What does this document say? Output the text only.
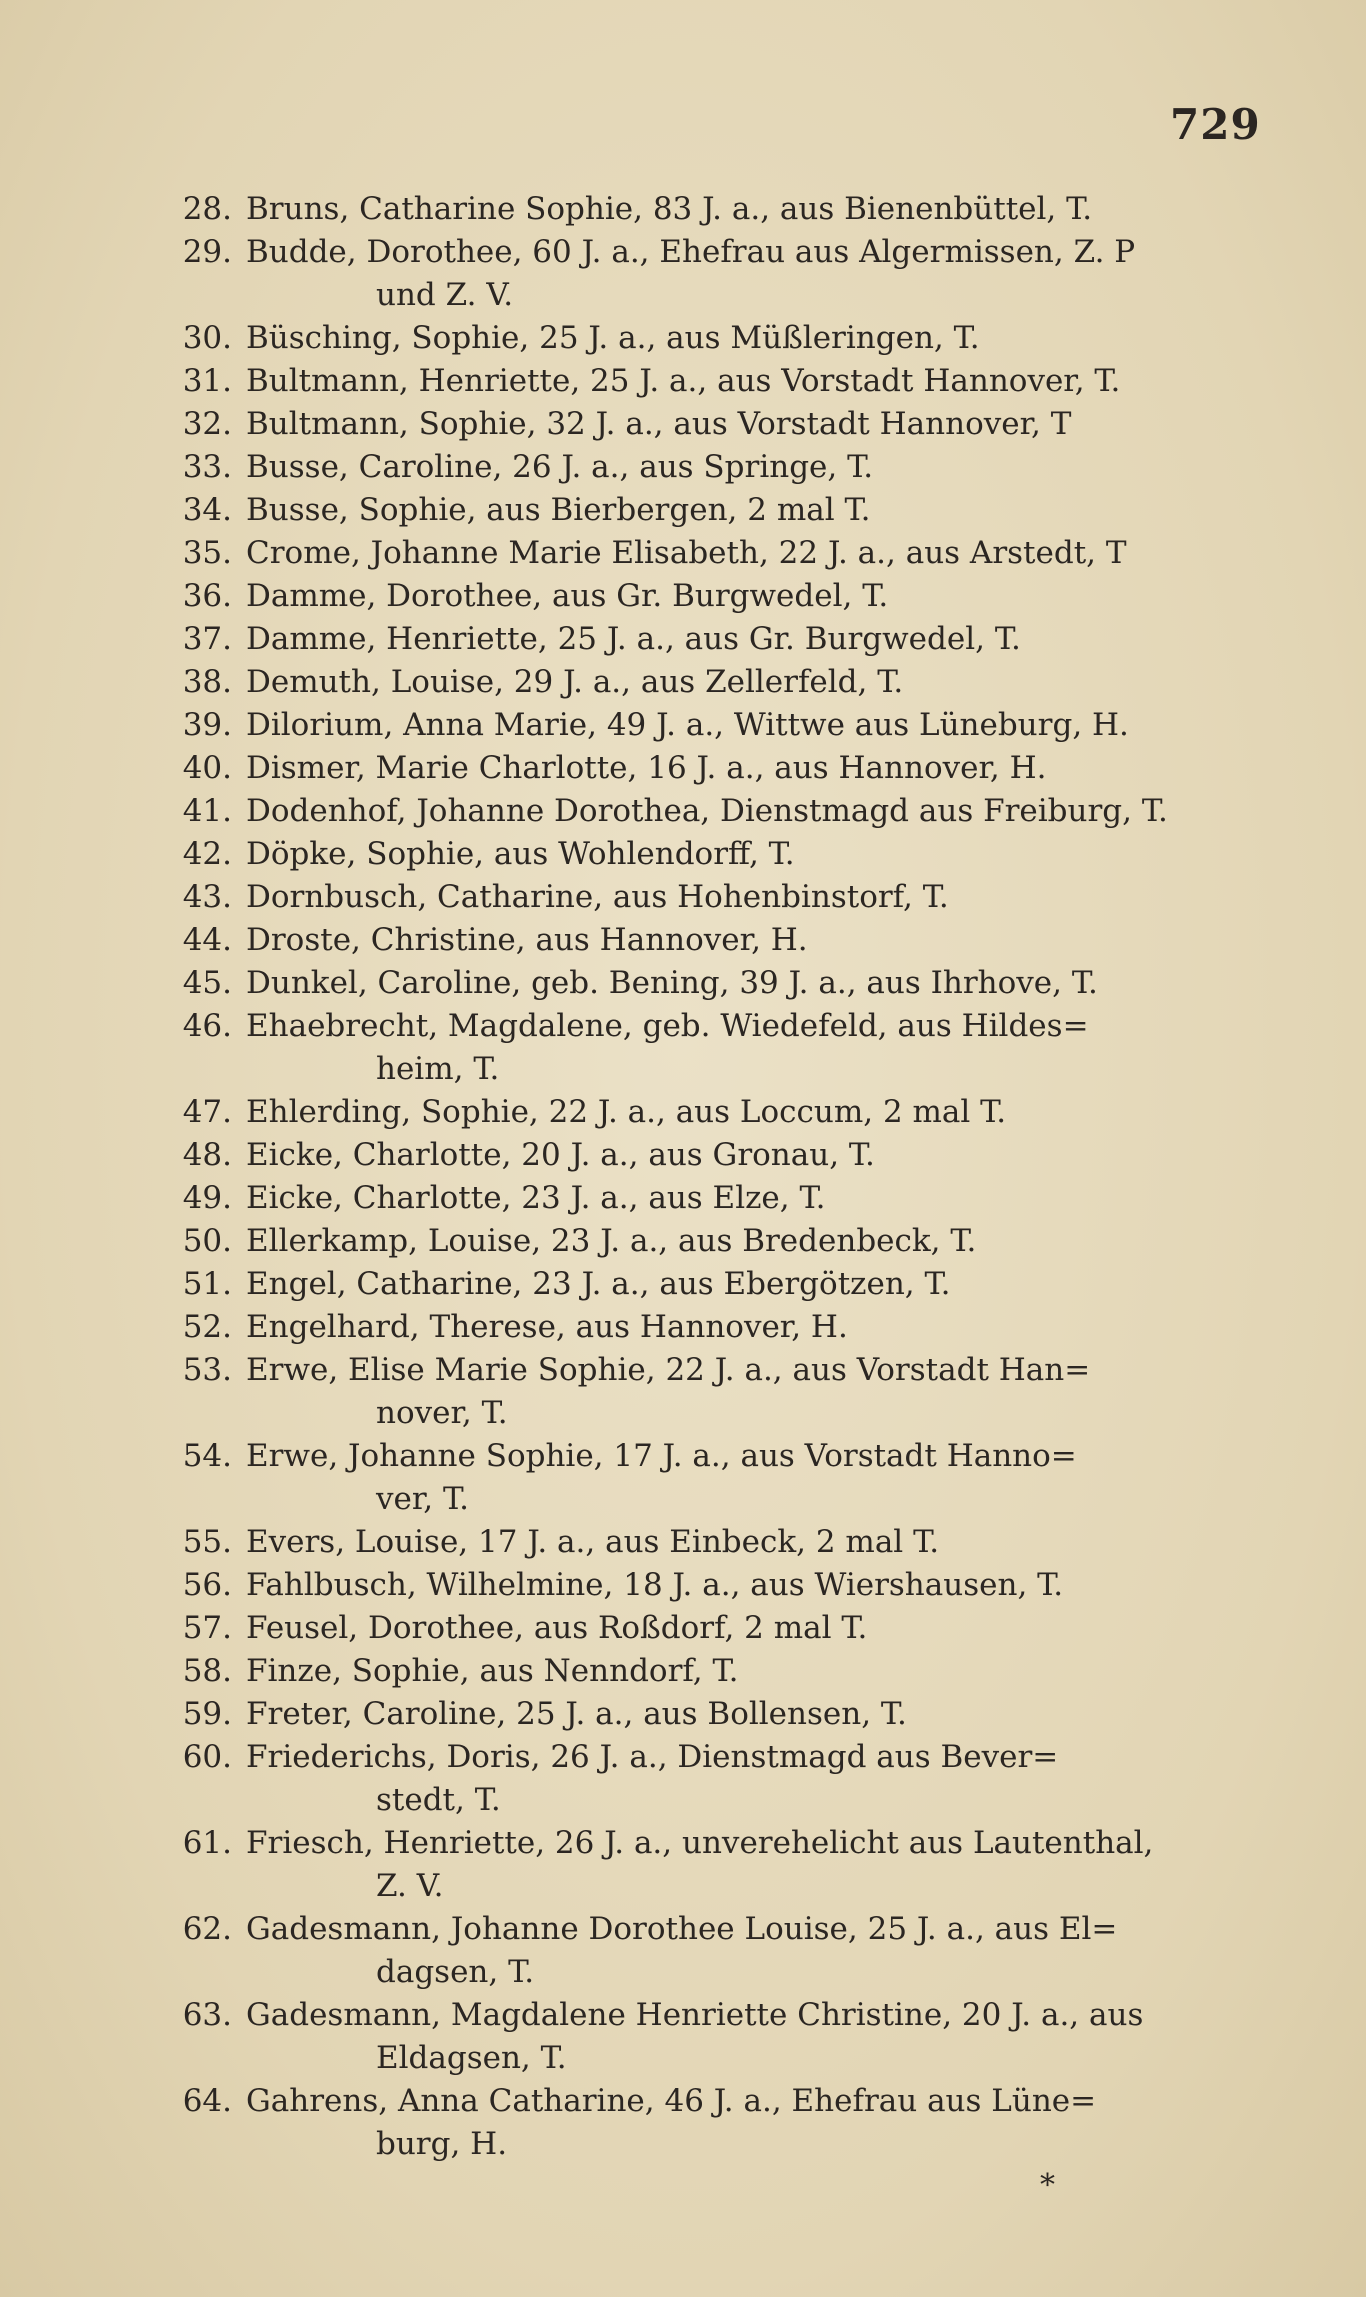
729
28. Bruns, Catharine Sophie, 83 J. a., aus Bienenbüttel, T.
29. Budde, Dorothee, 60 J. a., Ehefrau aus Algermissen, Z. P
und Z. V.
30. Büsching, Sophie, 25 J. a., aus Müßleringen, T.
31. Bultmann, Henriette, 25 J. a., aus Vorstadt Hannover, T.
32. Bultmann, Sophie, 32 J. a., aus Vorstadt Hannover, T
33. Busse, Caroline, 26 J. a., aus Springe, T.
34. Busse, Sophie, aus Bierbergen, 2 mal T.
35. Crome, Johanne Marie Elisabeth, 22 J. a., aus Arstedt, T
36. Damme, Dorothee, aus Gr. Burgwedel, T.
37. Damme, Henriette, 25 J. a., aus Gr. Burgwedel, T.
38. Demuth, Louise, 29 J. a., aus Zellerfeld, T.
39. Dilorium, Anna Marie, 49 J. a., Wittwe aus Lüneburg, H.
40. Dismer, Marie Charlotte, 16 J. a., aus Hannover, H.
41. Dodenhof, Johanne Dorothea, Dienstmagd aus Freiburg, T.
42. Döpke, Sophie, aus Wohlendorff, T.
43. Dornbusch, Catharine, aus Hohenbinstorf, T.
44. Droste, Christine, aus Hannover, H.
45. Dunkel, Caroline, geb. Bening, 39 J. a., aus Ihrhove, T.
46. Ehaebrecht, Magdalene, geb. Wiedefeld, aus Hildes=
heim, T.
47. Ehlerding, Sophie, 22 J. a., aus Loccum, 2 mal T.
48. Eicke, Charlotte, 20 J. a., aus Gronau, T.
49. Eicke, Charlotte, 23 J. a., aus Elze, T.
50. Ellerkamp, Louise, 23 J. a., aus Bredenbeck, T.
51. Engel, Catharine, 23 J. a., aus Ebergötzen, T.
52. Engelhard, Therese, aus Hannover, H.
53. Erwe, Elise Marie Sophie, 22 J. a., aus Vorstadt Han=
nover, T.
54. Erwe, Johanne Sophie, 17 J. a., aus Vorstadt Hanno=
ver, T.
55. Evers, Louise, 17 J. a., aus Einbeck, 2 mal T.
56. Fahlbusch, Wilhelmine, 18 J. a., aus Wiershausen, T.
57. Feusel, Dorothee, aus Roßdorf, 2 mal T.
58. Finze, Sophie, aus Nenndorf, T.
59. Freter, Caroline, 25 J. a., aus Bollensen, T.
60. Friederichs, Doris, 26 J. a., Dienstmagd aus Bever=
stedt, T.
61. Friesch, Henriette, 26 J. a., unverehelicht aus Lautenthal,
Z. V.
62. Gadesmann, Johanne Dorothee Louise, 25 J. a., aus El=
dagsen, T.
63. Gadesmann, Magdalene Henriette Christine, 20 J. a., aus
Eldagsen, T.
64. Gahrens, Anna Catharine, 46 J. a., Ehefrau aus Lüne=
burg, H.
*
